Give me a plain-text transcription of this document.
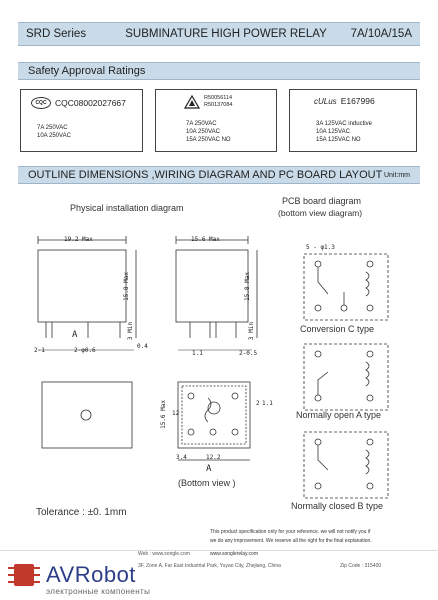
SRD Series	SUBMINATURE HIGH POWER RELAY	7A/10A/15A
Safety Approval Ratings
CQC CQC08002027667
7A 250VAC
10A 250VAC
R50056114
R50137084
7A 250VAC
10A 250VAC
15A 250VAC NO
cULus E167996
3A 125VAC inductive
10A 125VAC
15A 125VAC NO
OUTLINE DIMENSIONS ,WIRING DIAGRAM AND PC BOARD LAYOUT Unit:mm
Physical installation diagram
PCB board diagram
(bottom view diagram)
19.2 Max	15.6 Max
15.8 Max	15.8 Max
3 Min	3 Min
A
2-1	2-φ0.6
0.4
1.1	2-0.5
15.6 Max 12
2 1.1
3.4	12.2
A
(Bottom view )
5 - φ1.3
Conversion C type
Normally open A type
Normally closed B type
Tolerance : ±0. 1mm
This product specification only for your reference. we will not notify you if
we do any improvement. We reserve all the right for the final explanation.
Web : www.songle.com	www.songlerelay.com
3F, Zone A, Far East Industrial Park, Yuyao City, Zhejiang, China	Zip Code : 315400
AVRobot
электронные компоненты
